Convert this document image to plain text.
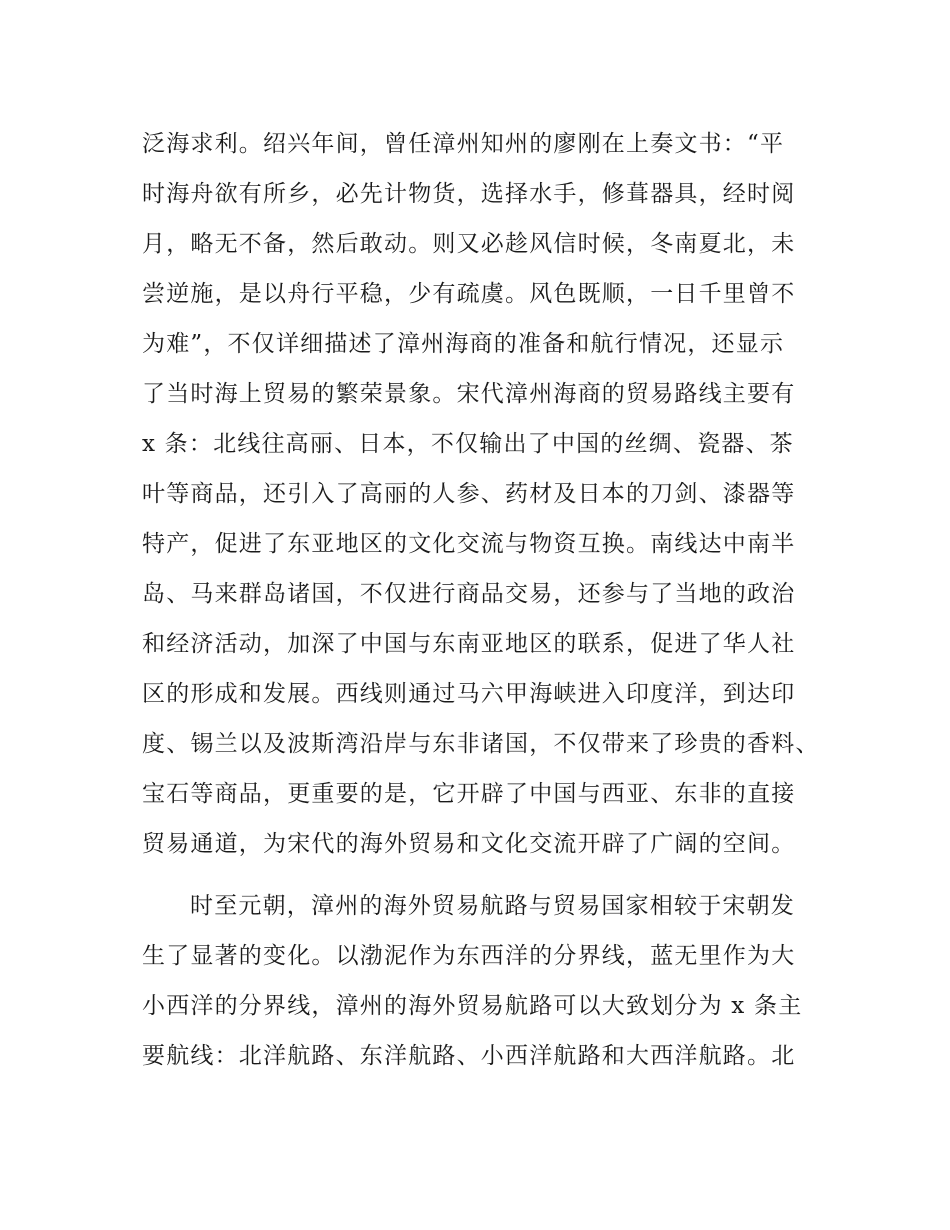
泛海求利。绍兴年间，曾任漳州知州的廖刚在上奏文书：“平
时海舟欲有所乡，必先计物货，选择水手，修葺器具，经时阅
月，略无不备，然后敢动。则又必趁风信时候，冬南夏北，未
尝逆施，是以舟行平稳，少有疏虞。风色既顺，一日千里曾不
为难”，不仅详细描述了漳州海商的准备和航行情况，还显示
了当时海上贸易的繁荣景象。宋代漳州海商的贸易路线主要有
x 条：北线往高丽、日本，不仅输出了中国的丝绸、瓷器、茶
叶等商品，还引入了高丽的人参、药材及日本的刀剑、漆器等
特产，促进了东亚地区的文化交流与物资互换。南线达中南半
岛、马来群岛诸国，不仅进行商品交易，还参与了当地的政治
和经济活动，加深了中国与东南亚地区的联系，促进了华人社
区的形成和发展。西线则通过马六甲海峡进入印度洋，到达印
度、锡兰以及波斯湾沿岸与东非诸国，不仅带来了珍贵的香料、
宝石等商品，更重要的是，它开辟了中国与西亚、东非的直接
贸易通道，为宋代的海外贸易和文化交流开辟了广阔的空间。
时至元朝，漳州的海外贸易航路与贸易国家相较于宋朝发
生了显著的变化。以渤泥作为东西洋的分界线，蓝无里作为大
小西洋的分界线，漳州的海外贸易航路可以大致划分为 x 条主
要航线：北洋航路、东洋航路、小西洋航路和大西洋航路。北
